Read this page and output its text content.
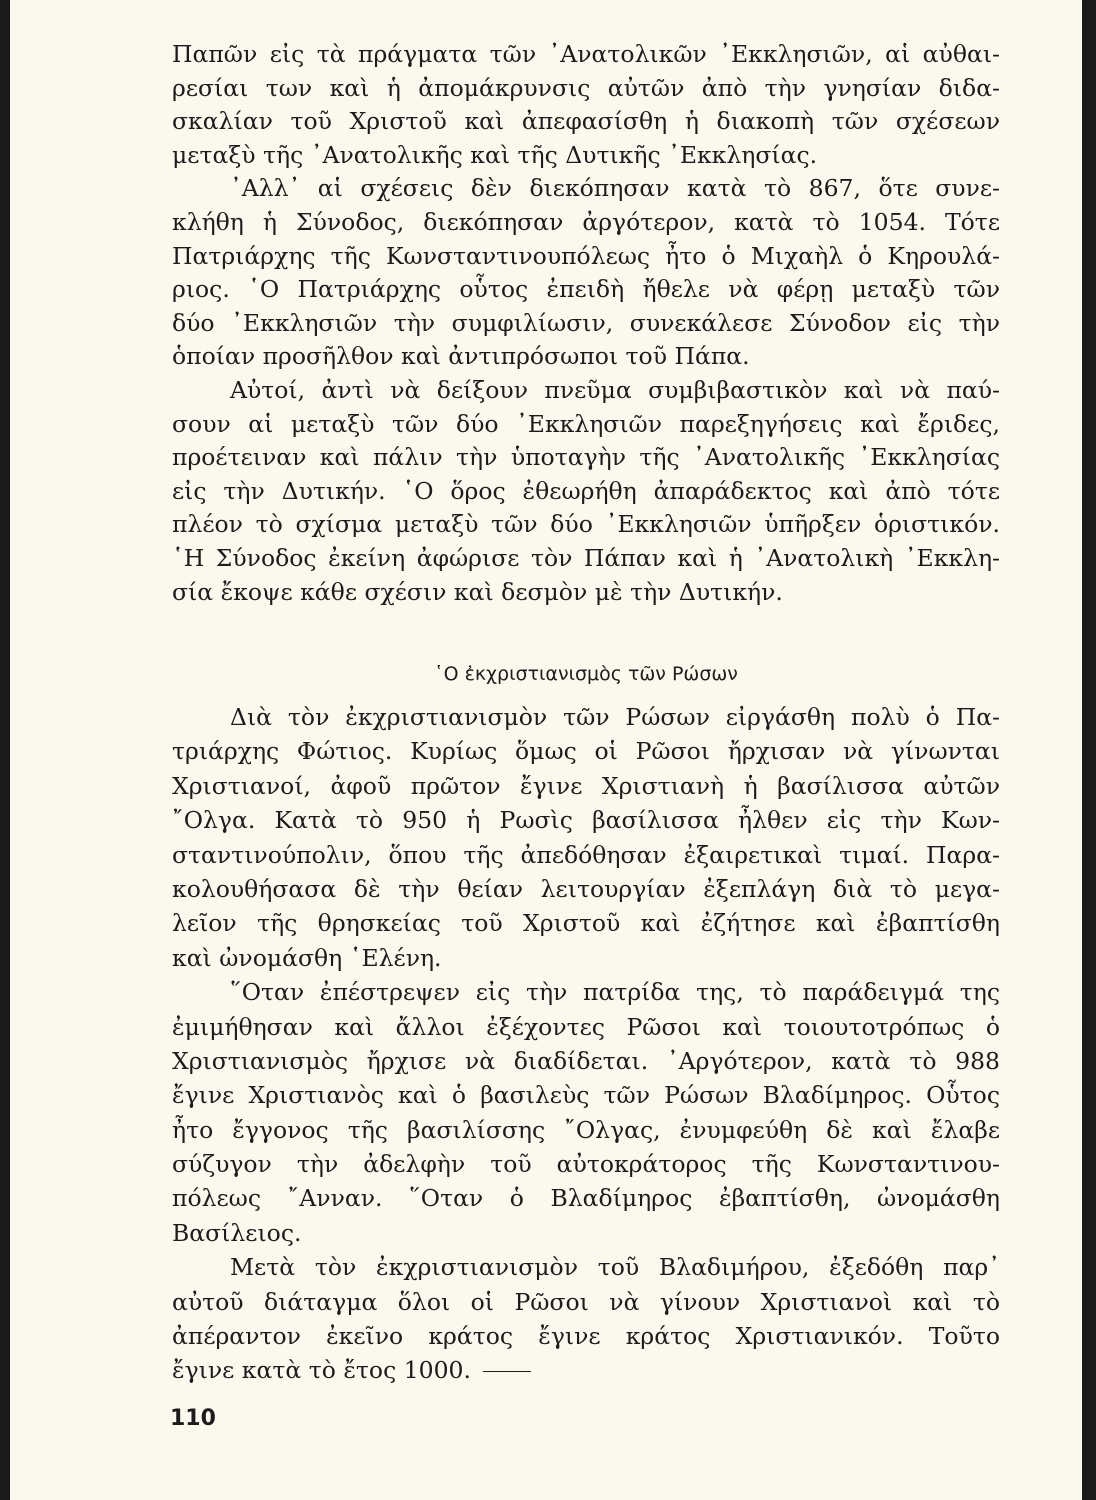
Παπῶν εἰς τὰ πράγματα τῶν ᾿Ανατολικῶν ᾿Εκκλησιῶν, αἱ αὐθαι-
ρεσίαι των καὶ ἡ ἀπομάκρυνσις αὐτῶν ἀπὸ τὴν γνησίαν διδα-
σκαλίαν τοῦ Χριστοῦ καὶ ἀπεφασίσθη ἡ διακοπὴ τῶν σχέσεων
μεταξὺ τῆς ᾿Ανατολικῆς καὶ τῆς Δυτικῆς ᾿Εκκλησίας.
᾿Αλλ᾿ αἱ σχέσεις δὲν διεκόπησαν κατὰ τὸ 867, ὅτε συνε-
κλήθη ἡ Σύνοδος, διεκόπησαν ἀργότερον, κατὰ τὸ 1054. Τότε
Πατριάρχης τῆς Κωνσταντινουπόλεως ἦτο ὁ Μιχαὴλ ὁ Κηρουλά-
ριος. ῾Ο Πατριάρχης οὗτος ἐπειδὴ ἤθελε νὰ φέρῃ μεταξὺ τῶν
δύο ᾿Εκκλησιῶν τὴν συμφιλίωσιν, συνεκάλεσε Σύνοδον εἰς τὴν
ὁποίαν προσῆλθον καὶ ἀντιπρόσωποι τοῦ Πάπα.
Αὐτοί, ἀντὶ νὰ δείξουν πνεῦμα συμβιβαστικὸν καὶ νὰ παύ-
σουν αἱ μεταξὺ τῶν δύο ᾿Εκκλησιῶν παρεξηγήσεις καὶ ἔριδες,
προέτειναν καὶ πάλιν τὴν ὑποταγὴν τῆς ᾿Ανατολικῆς ᾿Εκκλησίας
εἰς τὴν Δυτικήν. ῾Ο ὅρος ἐθεωρήθη ἀπαράδεκτος καὶ ἀπὸ τότε
πλέον τὸ σχίσμα μεταξὺ τῶν δύο ᾿Εκκλησιῶν ὑπῆρξεν ὁριστικόν.
῾Η Σύνοδος ἐκείνη ἀφώρισε τὸν Πάπαν καὶ ἡ ᾿Ανατολικὴ ᾿Εκκλη-
σία ἔκοψε κάθε σχέσιν καὶ δεσμὸν μὲ τὴν Δυτικήν.
῾Ο ἐκχριστιανισμὸς τῶν Ρώσων
Διὰ τὸν ἐκχριστιανισμὸν τῶν Ρώσων εἰργάσθη πολὺ ὁ Πα-
τριάρχης Φώτιος. Κυρίως ὅμως οἱ Ρῶσοι ἤρχισαν νὰ γίνωνται
Χριστιανοί, ἀφοῦ πρῶτον ἔγινε Χριστιανὴ ἡ βασίλισσα αὐτῶν
῎Ολγα. Κατὰ τὸ 950 ἡ Ρωσὶς βασίλισσα ἦλθεν εἰς τὴν Κων-
σταντινούπολιν, ὅπου τῆς ἀπεδόθησαν ἐξαιρετικαὶ τιμαί. Παρα-
κολουθήσασα δὲ τὴν θείαν λειτουργίαν ἐξεπλάγη διὰ τὸ μεγα-
λεῖον τῆς θρησκείας τοῦ Χριστοῦ καὶ ἐζήτησε καὶ ἐβαπτίσθη
καὶ ὠνομάσθη ῾Ελένη.
῞Οταν ἐπέστρεψεν εἰς τὴν πατρίδα της, τὸ παράδειγμά της
ἐμιμήθησαν καὶ ἄλλοι ἐξέχοντες Ρῶσοι καὶ τοιουτοτρόπως ὁ
Χριστιανισμὸς ἤρχισε νὰ διαδίδεται. ᾿Αργότερον, κατὰ τὸ 988
ἔγινε Χριστιανὸς καὶ ὁ βασιλεὺς τῶν Ρώσων Βλαδίμηρος. Οὗτος
ἦτο ἔγγονος τῆς βασιλίσσης ῎Ολγας, ἐνυμφεύθη δὲ καὶ ἔλαβε
σύζυγον τὴν ἀδελφὴν τοῦ αὐτοκράτορος τῆς Κωνσταντινου-
πόλεως ῎Ανναν. ῞Οταν ὁ Βλαδίμηρος ἐβαπτίσθη, ὠνομάσθη
Βασίλειος.
Μετὰ τὸν ἐκχριστιανισμὸν τοῦ Βλαδιμήρου, ἐξεδόθη παρ᾿
αὐτοῦ διάταγμα ὅλοι οἱ Ρῶσοι νὰ γίνουν Χριστιανοὶ καὶ τὸ
ἀπέραντον ἐκεῖνο κράτος ἔγινε κράτος Χριστιανικόν. Τοῦτο
ἔγινε κατὰ τὸ ἔτος 1000.
110
